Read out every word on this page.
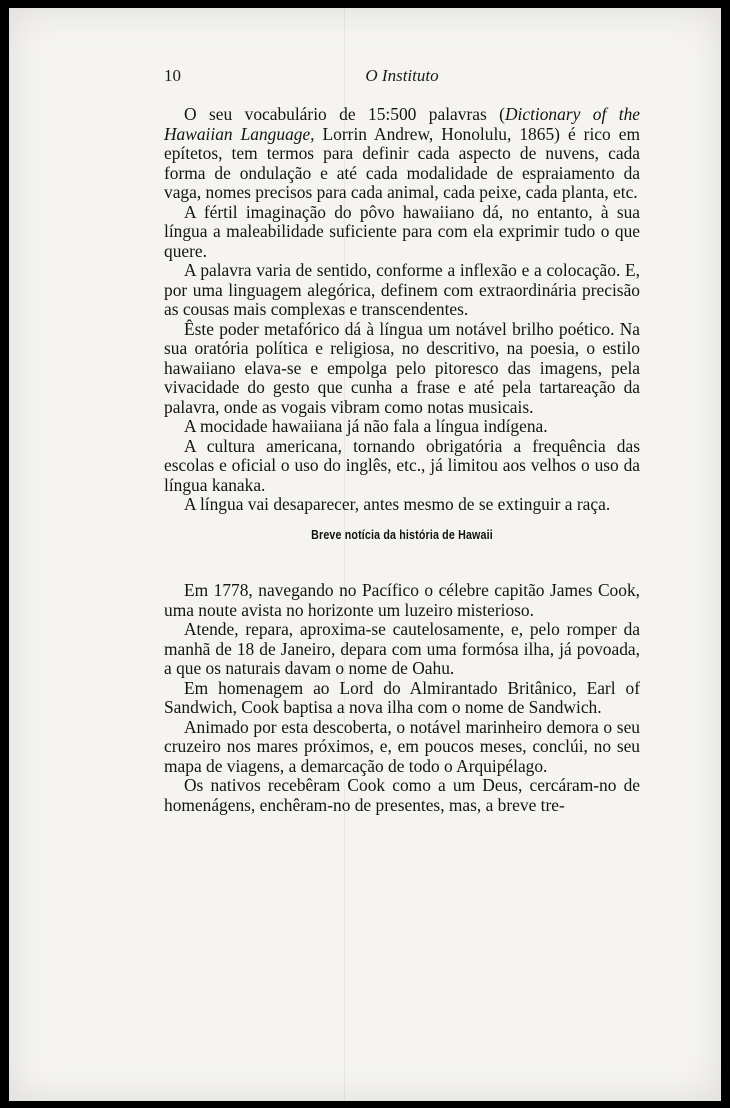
10	O Instituto

O seu vocabulário de 15:500 palavras (Dictionary of the Hawaiian Language, Lorrin Andrew, Honolulu, 1865) é rico em epítetos, tem termos para definir cada aspecto de nuvens, cada forma de ondulação e até cada modalidade de espraiamento da vaga, nomes precisos para cada animal, cada peixe, cada planta, etc.

A fértil imaginação do pôvo hawaiiano dá, no entanto, à sua língua a maleabilidade suficiente para com ela exprimir tudo o que quere.

A palavra varia de sentido, conforme a inflexão e a colocação. E, por uma linguagem alegórica, definem com extraordinária precisão as cousas mais complexas e transcendentes.

Êste poder metafórico dá à língua um notável brilho poético. Na sua oratória política e religiosa, no descritivo, na poesia, o estilo hawaiiano elava-se e empolga pelo pitoresco das imagens, pela vivacidade do gesto que cunha a frase e até pela tartareação da palavra, onde as vogais vibram como notas musicais.

A mocidade hawaiiana já não fala a língua indígena.

A cultura americana, tornando obrigatória a frequência das escolas e oficial o uso do inglês, etc., já limitou aos velhos o uso da língua kanaka.

A língua vai desaparecer, antes mesmo de se extinguir a raça.

Breve notícia da história de Hawaii

Em 1778, navegando no Pacífico o célebre capitão James Cook, uma noute avista no horizonte um luzeiro misterioso.

Atende, repara, aproxima-se cautelosamente, e, pelo romper da manhã de 18 de Janeiro, depara com uma formósa ilha, já povoada, a que os naturais davam o nome de Oahu.

Em homenagem ao Lord do Almirantado Britânico, Earl of Sandwich, Cook baptisa a nova ilha com o nome de Sandwich.

Animado por esta descoberta, o notável marinheiro demora o seu cruzeiro nos mares próximos, e, em poucos meses, conclúi, no seu mapa de viagens, a demarcação de todo o Arquipélago.

Os nativos recebêram Cook como a um Deus, cercáram-no de homenágens, enchêram-no de presentes, mas, a breve tre-
